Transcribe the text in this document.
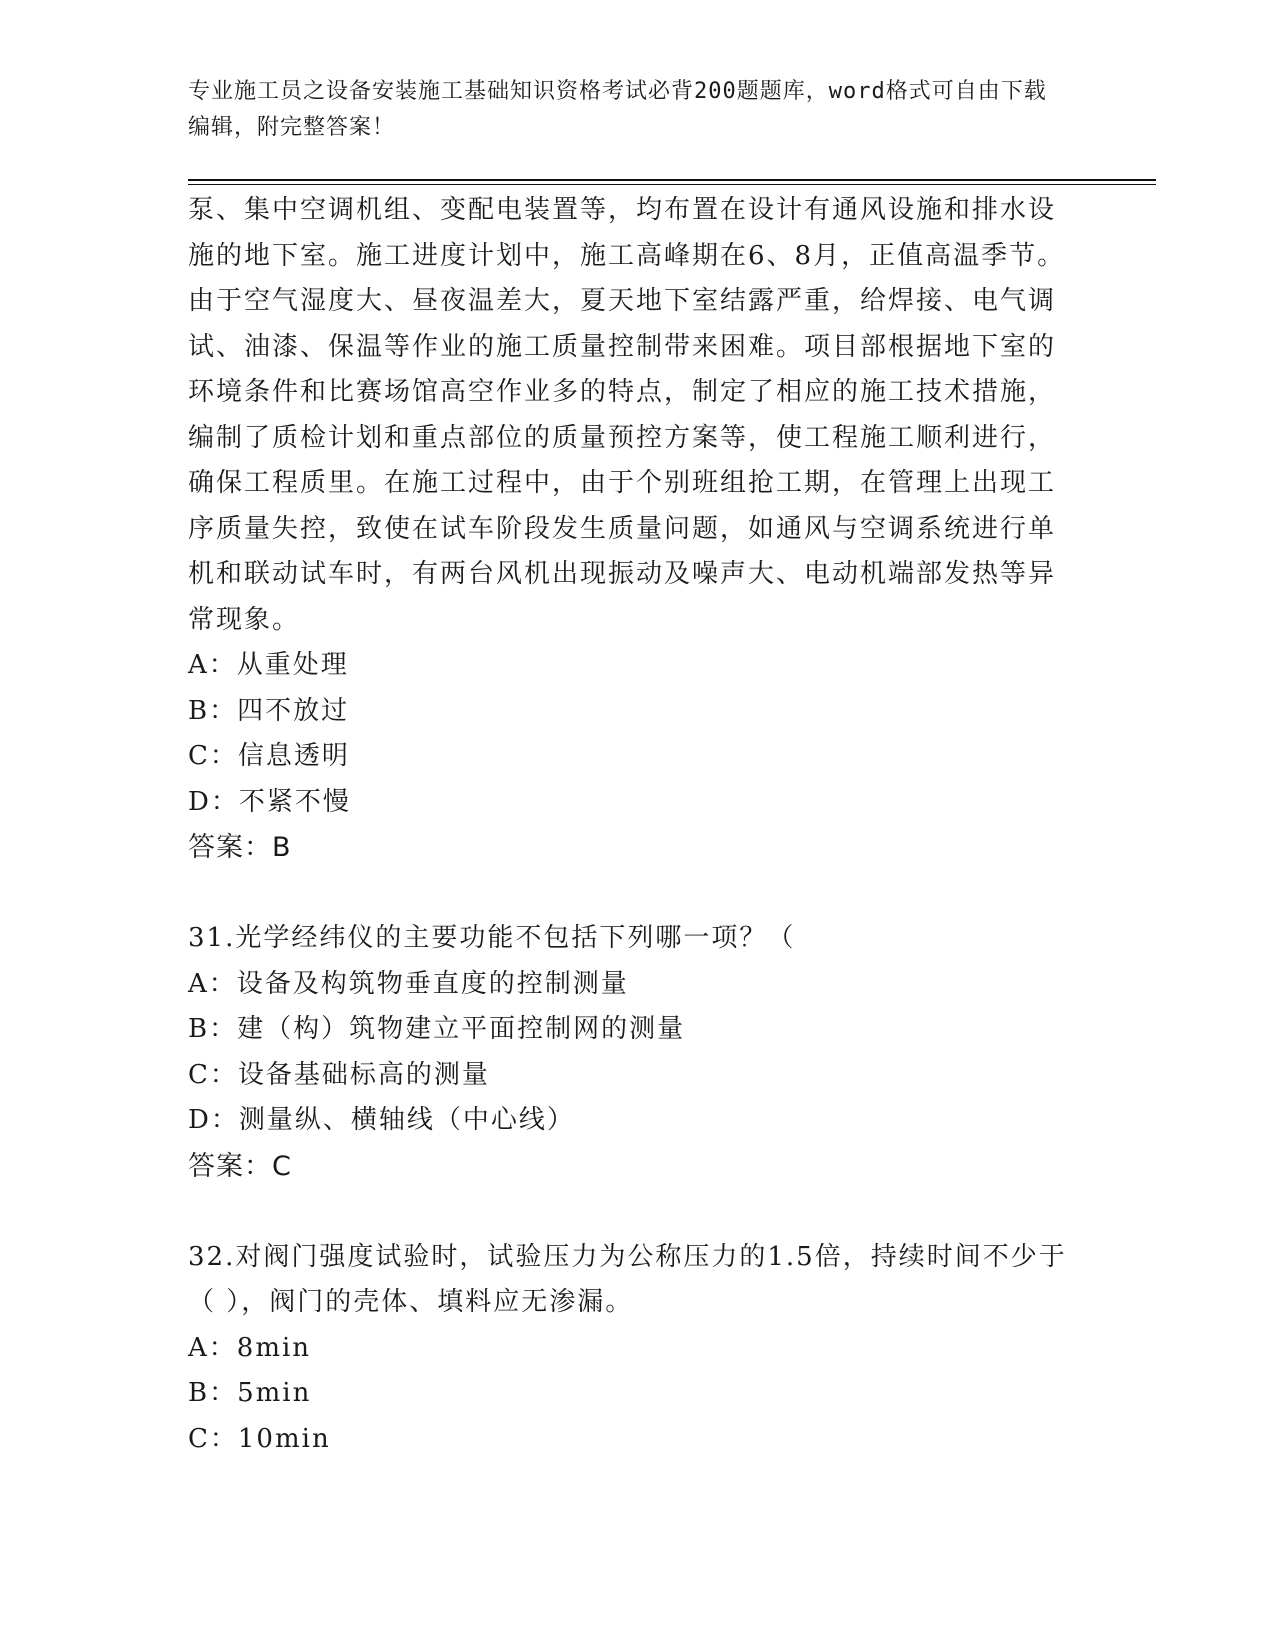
专业施工员之设备安装施工基础知识资格考试必背200题题库，word格式可自由下载编辑，附完整答案！

泵、集中空调机组、变配电装置等，均布置在设计有通风设施和排水设施的地下室。施工进度计划中，施工高峰期在6、8月，正值高温季节。由于空气湿度大、昼夜温差大，夏天地下室结露严重，给焊接、电气调试、油漆、保温等作业的施工质量控制带来困难。项目部根据地下室的环境条件和比赛场馆高空作业多的特点，制定了相应的施工技术措施，编制了质检计划和重点部位的质量预控方案等，使工程施工顺利进行，确保工程质里。在施工过程中，由于个别班组抢工期，在管理上出现工序质量失控，致使在试车阶段发生质量问题，如通风与空调系统进行单机和联动试车时，有两台风机出现振动及噪声大、电动机端部发热等异常现象。

A：从重处理

B：四不放过

C：信息透明

D：不紧不慢

答案：B

31.光学经纬仪的主要功能不包括下列哪一项？（

A：设备及构筑物垂直度的控制测量

B：建（构）筑物建立平面控制网的测量

C：设备基础标高的测量

D：测量纵、横轴线（中心线）

答案：C

32.对阀门强度试验时，试验压力为公称压力的1.5倍，持续时间不少于（ ），阀门的壳体、填料应无渗漏。

A：8min

B：5min

C：10min
